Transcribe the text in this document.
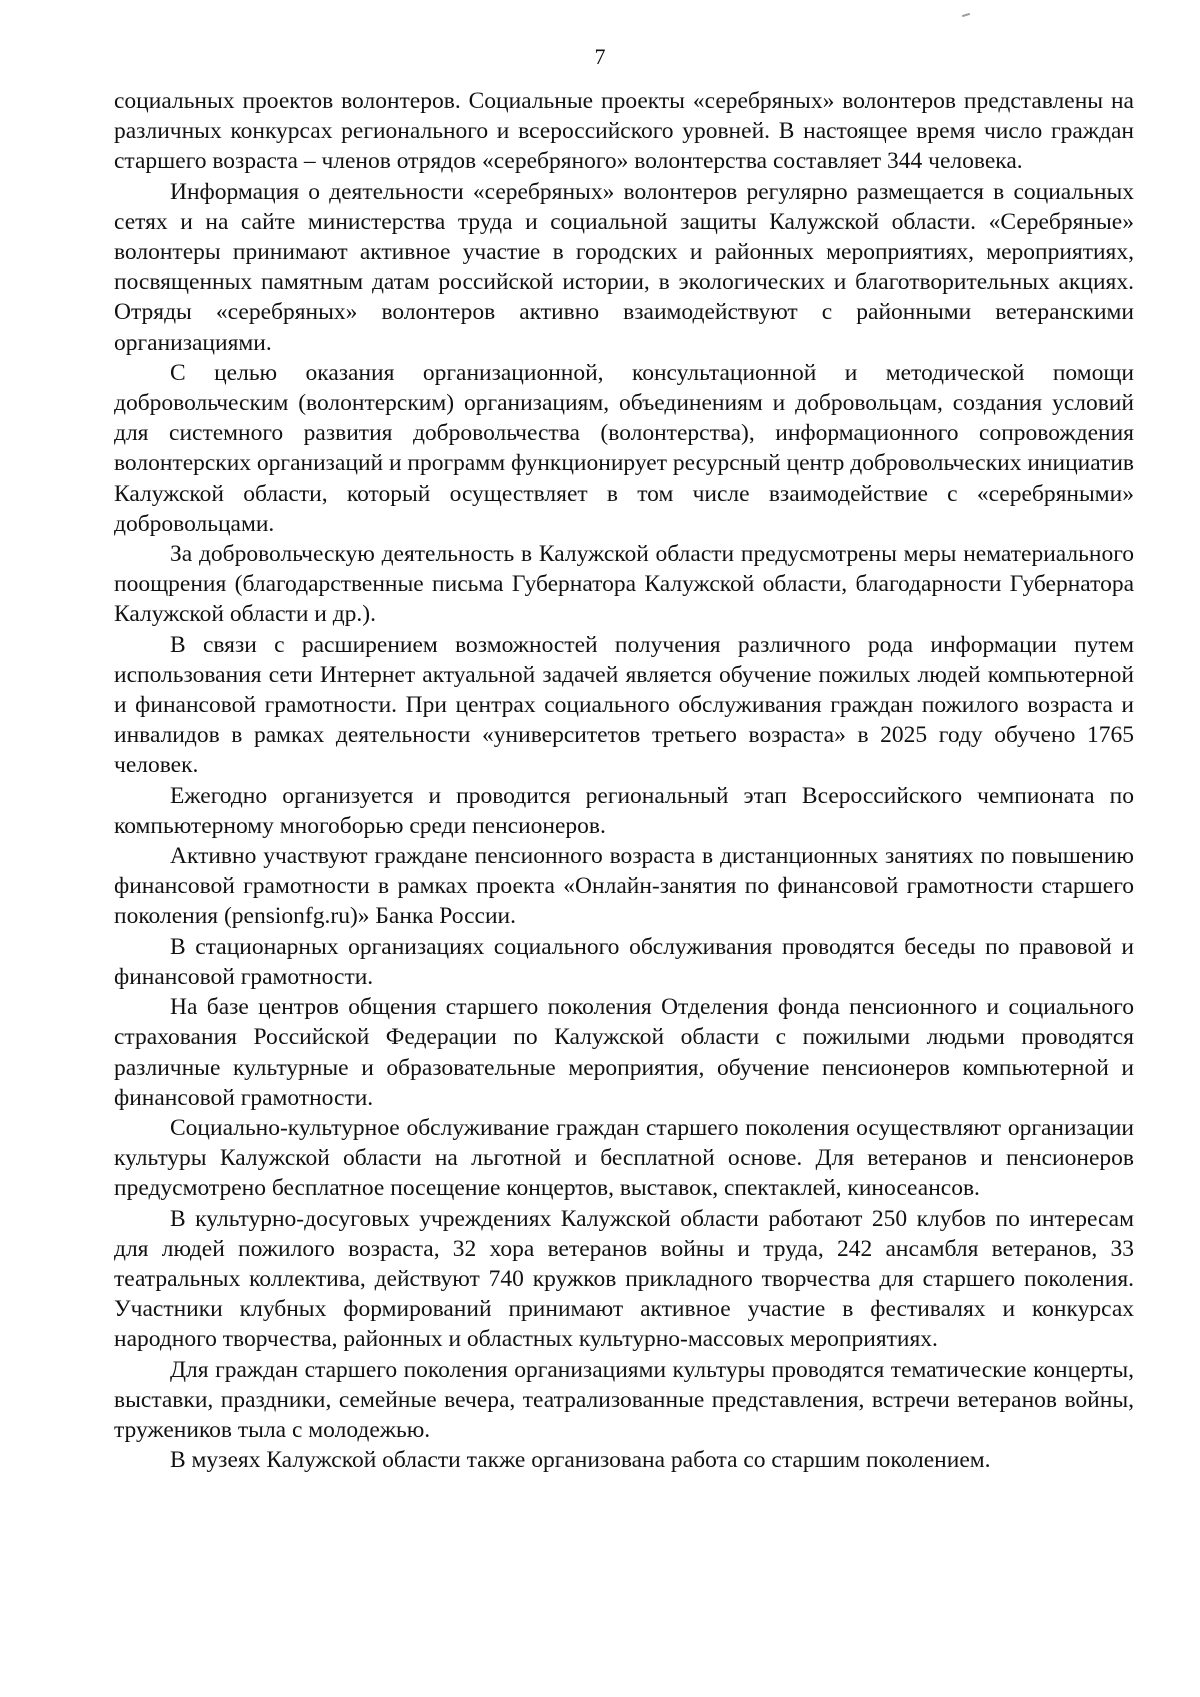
7

социальных проектов волонтеров. Социальные проекты «серебряных» волонтеров представлены на различных конкурсах регионального и всероссийского уровней. В настоящее время число граждан старшего возраста – членов отрядов «серебряного» волонтерства составляет 344 человека.

Информация о деятельности «серебряных» волонтеров регулярно размещается в социальных сетях и на сайте министерства труда и социальной защиты Калужской области. «Серебряные» волонтеры принимают активное участие в городских и районных мероприятиях, мероприятиях, посвященных памятным датам российской истории, в экологических и благотворительных акциях. Отряды «серебряных» волонтеров активно взаимодействуют с районными ветеранскими организациями.

С целью оказания организационной, консультационной и методической помощи добровольческим (волонтерским) организациям, объединениям и добровольцам, создания условий для системного развития добровольчества (волонтерства), информационного сопровождения волонтерских организаций и программ функционирует ресурсный центр добровольческих инициатив Калужской области, который осуществляет в том числе взаимодействие с «серебряными» добровольцами.

За добровольческую деятельность в Калужской области предусмотрены меры нематериального поощрения (благодарственные письма Губернатора Калужской области, благодарности Губернатора Калужской области и др.).

В связи с расширением возможностей получения различного рода информации путем использования сети Интернет актуальной задачей является обучение пожилых людей компьютерной и финансовой грамотности. При центрах социального обслуживания граждан пожилого возраста и инвалидов в рамках деятельности «университетов третьего возраста» в 2025 году обучено 1765 человек.

Ежегодно организуется и проводится региональный этап Всероссийского чемпионата по компьютерному многоборью среди пенсионеров.

Активно участвуют граждане пенсионного возраста в дистанционных занятиях по повышению финансовой грамотности в рамках проекта «Онлайн-занятия по финансовой грамотности старшего поколения (pensionfg.ru)» Банка России.

В стационарных организациях социального обслуживания проводятся беседы по правовой и финансовой грамотности.

На базе центров общения старшего поколения Отделения фонда пенсионного и социального страхования Российской Федерации по Калужской области с пожилыми людьми проводятся различные культурные и образовательные мероприятия, обучение пенсионеров компьютерной и финансовой грамотности.

Социально-культурное обслуживание граждан старшего поколения осуществляют организации культуры Калужской области на льготной и бесплатной основе. Для ветеранов и пенсионеров предусмотрено бесплатное посещение концертов, выставок, спектаклей, киносеансов.

В культурно-досуговых учреждениях Калужской области работают 250 клубов по интересам для людей пожилого возраста, 32 хора ветеранов войны и труда, 242 ансамбля ветеранов, 33 театральных коллектива, действуют 740 кружков прикладного творчества для старшего поколения. Участники клубных формирований принимают активное участие в фестивалях и конкурсах народного творчества, районных и областных культурно-массовых мероприятиях.

Для граждан старшего поколения организациями культуры проводятся тематические концерты, выставки, праздники, семейные вечера, театрализованные представления, встречи ветеранов войны, тружеников тыла с молодежью.

В музеях Калужской области также организована работа со старшим поколением.
